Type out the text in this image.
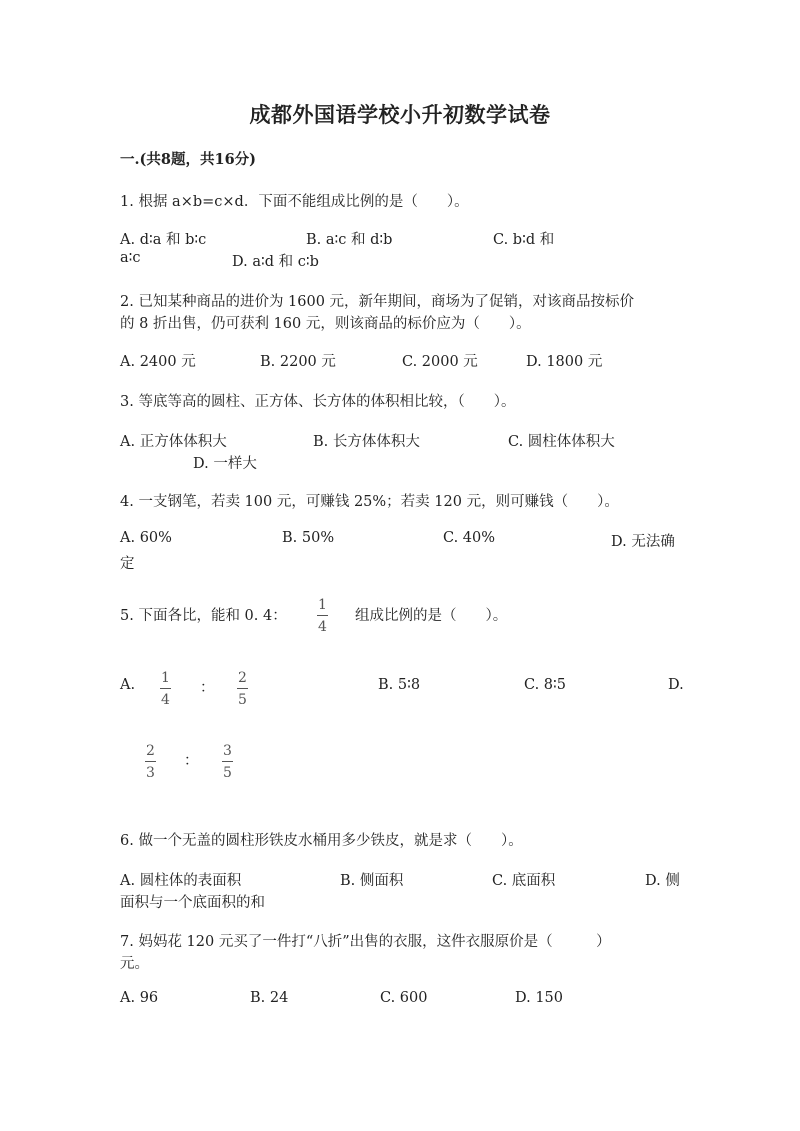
成都外国语学校小升初数学试卷
一.(共8题，共16分)
1. 根据 a×b=c×d．下面不能组成比例的是（　　）。
A. d∶a 和 b∶c	B. a∶c 和 d∶b	C. b∶d 和
a∶c	D. a∶d 和 c∶b
2. 已知某种商品的进价为 1600 元，新年期间，商场为了促销，对该商品按标价
的 8 折出售，仍可获利 160 元，则该商品的标价应为（　　）。
A. 2400 元	B. 2200 元	C. 2000 元	D. 1800 元
3. 等底等高的圆柱、正方体、长方体的体积相比较，（　　）。
A. 正方体体积大	B. 长方体体积大	C. 圆柱体体积大
D. 一样大
4. 一支钢笔，若卖 100 元，可赚钱 25%；若卖 120 元，则可赚钱（　　）。
A. 60%	B. 50%	C. 40%	D. 无法确
定
5. 下面各比，能和 0. 4：
1
4
组成比例的是（　　）。
A. 1
4
：
2
5
B. 5∶8	C. 8∶5	D.
2
3
：
3
5
6. 做一个无盖的圆柱形铁皮水桶用多少铁皮，就是求（　　）。
A. 圆柱体的表面积	B. 侧面积	C. 底面积	D. 侧
面积与一个底面积的和
7. 妈妈花 120 元买了一件打“八折”出售的衣服，这件衣服原价是（　　　）
元。
A. 96	B. 24	C. 600	D. 150
